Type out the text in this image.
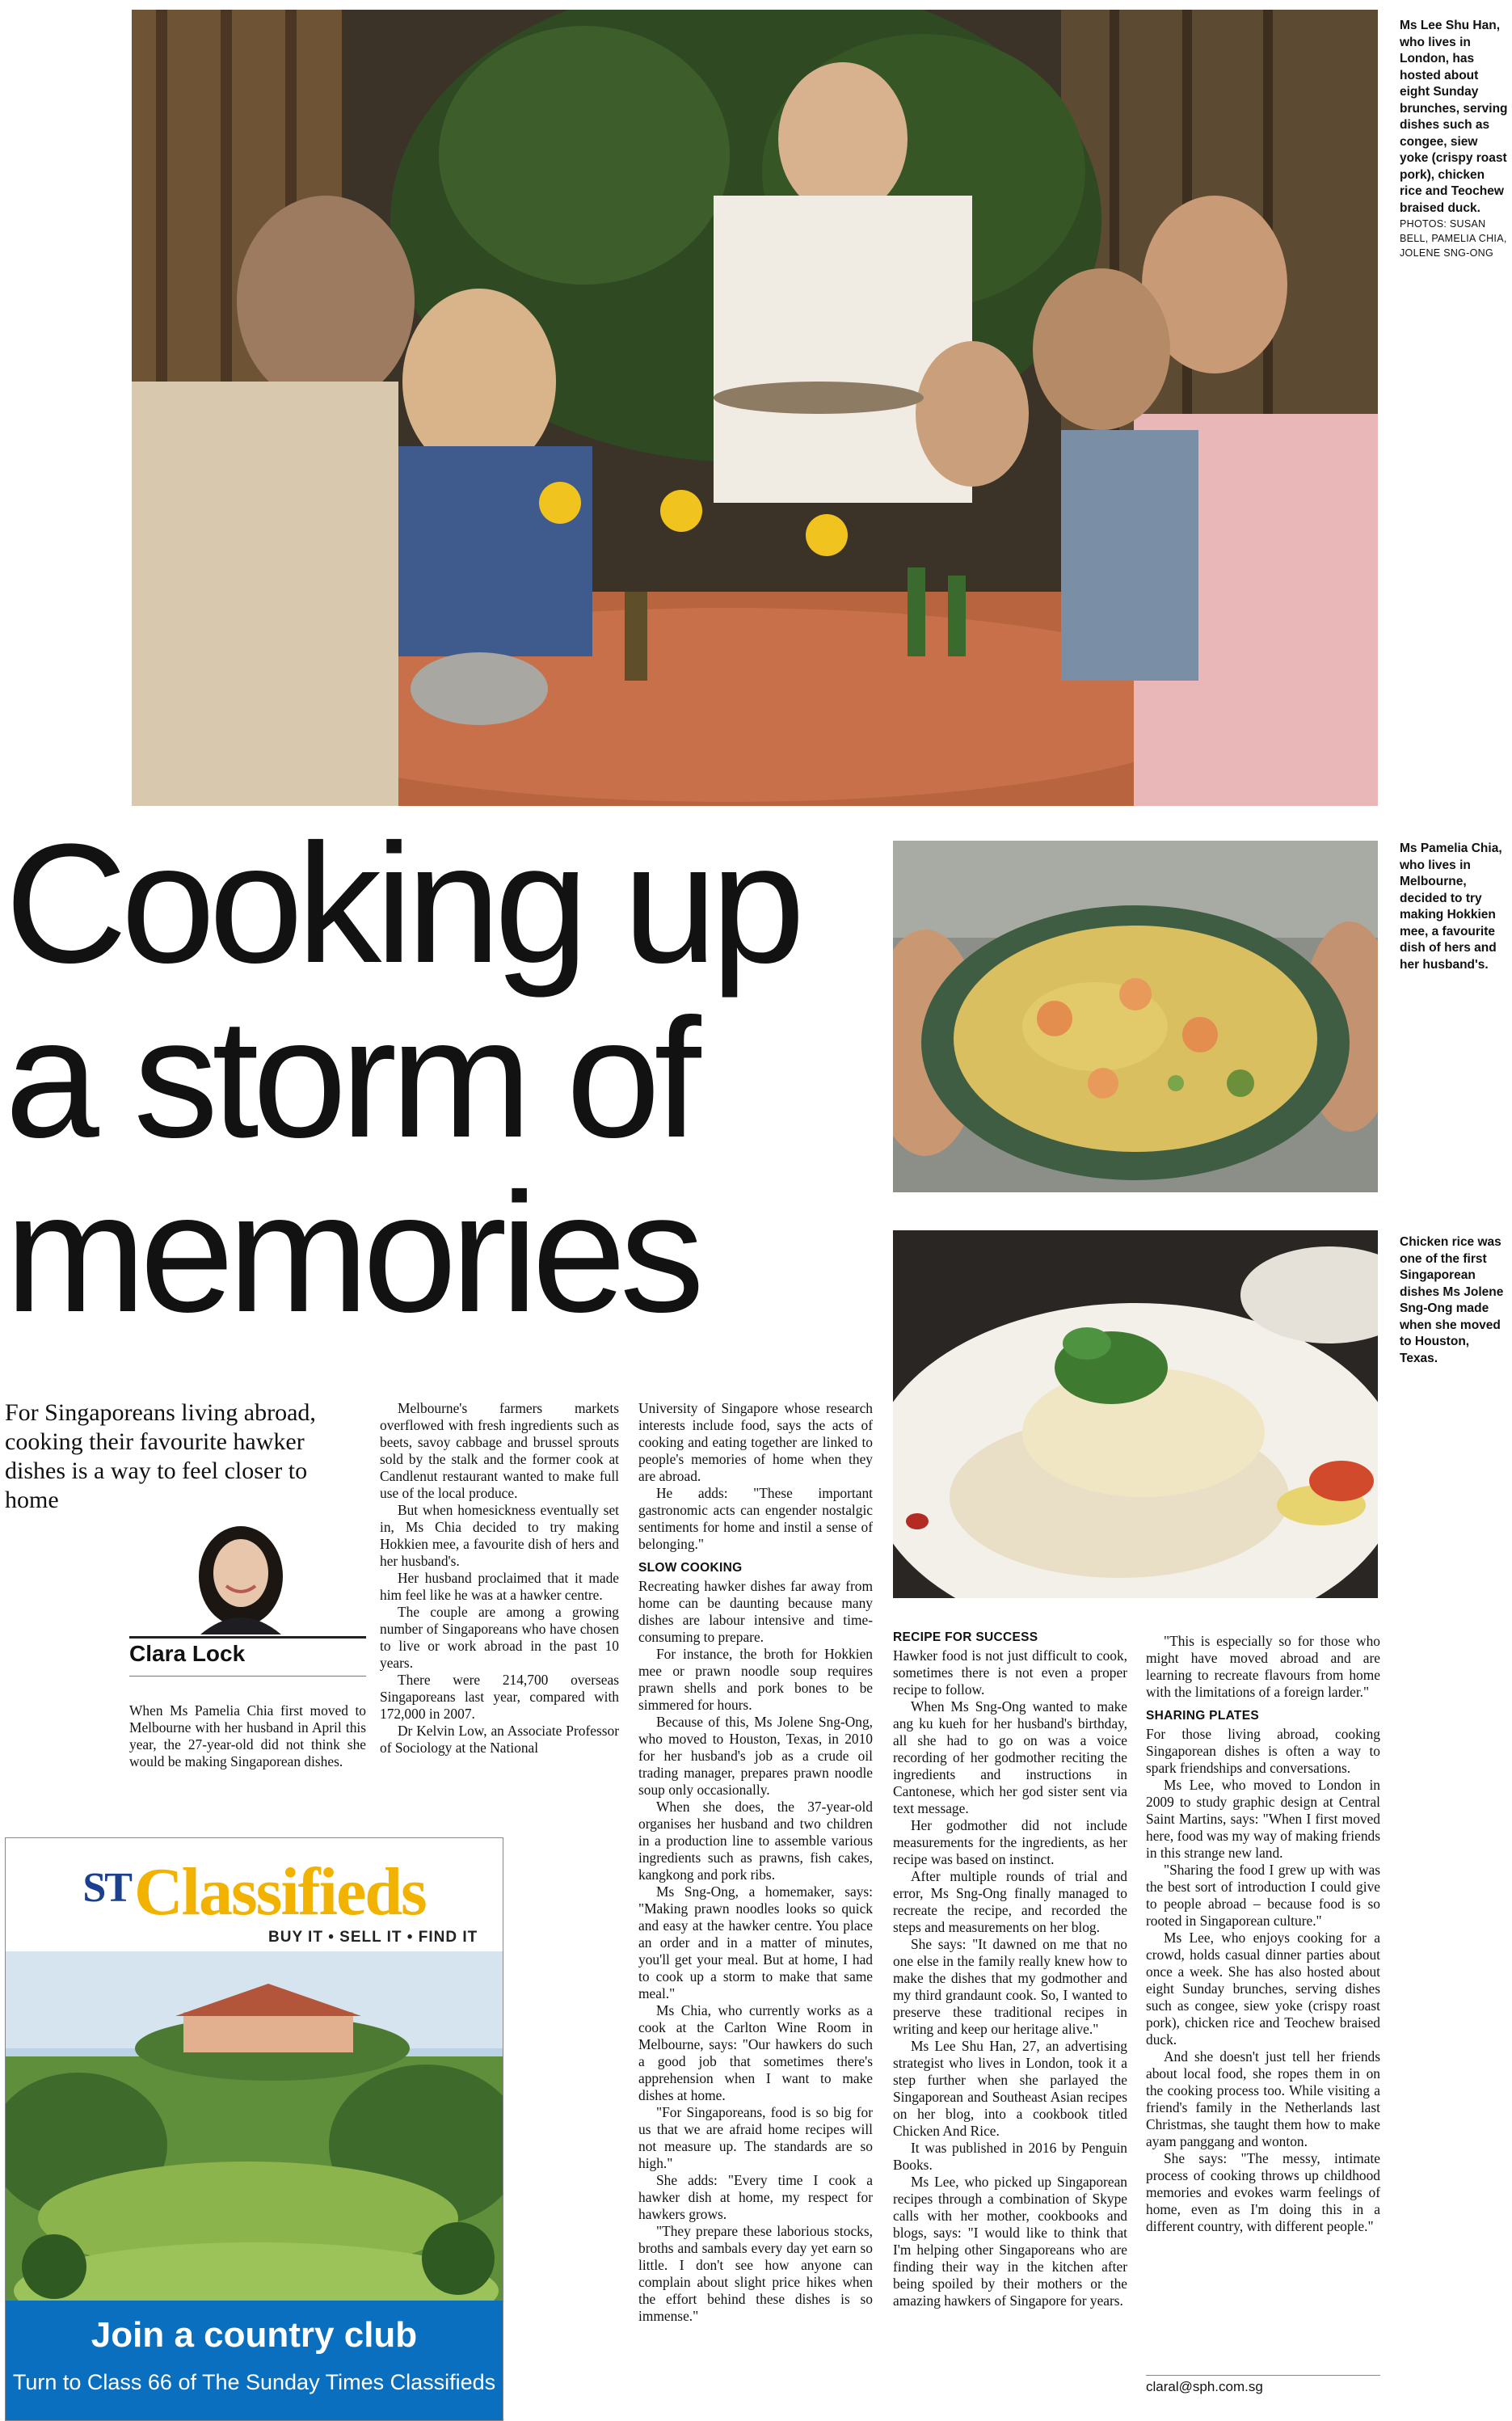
Ms Lee Shu Han, who lives in London, has hosted about eight Sunday brunches, serving dishes such as congee, siew yoke (crispy roast pork), chicken rice and Teochew braised duck.
PHOTOS: SUSAN BELL, PAMELIA CHIA, JOLENE SNG-ONG
Cooking up
a storm of
memories
Ms Pamelia Chia, who lives in Melbourne, decided to try making Hokkien mee, a favourite dish of hers and her husband's.
Chicken rice was one of the first Singaporean dishes Ms Jolene Sng-Ong made when she moved to Houston, Texas.
For Singaporeans living abroad, cooking their favourite hawker dishes is a way to feel closer to home
Clara Lock

When Ms Pamelia Chia first moved to Melbourne with her husband in April this year, the 27-year-old did not think she would be making Singaporean dishes.

Melbourne's farmers markets overflowed with fresh ingredients such as beets, savoy cabbage and brussel sprouts sold by the stalk and the former cook at Candlenut restaurant wanted to make full use of the local produce.

But when homesickness eventually set in, Ms Chia decided to try making Hokkien mee, a favourite dish of hers and her husband's.

Her husband proclaimed that it made him feel like he was at a hawker centre.

The couple are among a growing number of Singaporeans who have chosen to live or work abroad in the past 10 years.

There were 214,700 overseas Singaporeans last year, compared with 172,000 in 2007.

Dr Kelvin Low, an Associate Professor of Sociology at the National

University of Singapore whose research interests include food, says the acts of cooking and eating together are linked to people's memories of home when they are abroad.

He adds: "These important gastronomic acts can engender nostalgic sentiments for home and instil a sense of belonging."

SLOW COOKING

Recreating hawker dishes far away from home can be daunting because many dishes are labour intensive and time-consuming to prepare.

For instance, the broth for Hokkien mee or prawn noodle soup requires prawn shells and pork bones to be simmered for hours.

Because of this, Ms Jolene Sng-Ong, who moved to Houston, Texas, in 2010 for her husband's job as a crude oil trading manager, prepares prawn noodle soup only occasionally.

When she does, the 37-year-old organises her husband and two children in a production line to assemble various ingredients such as prawns, fish cakes, kangkong and pork ribs.

Ms Sng-Ong, a homemaker, says: "Making prawn noodles looks so quick and easy at the hawker centre. You place an order and in a matter of minutes, you'll get your meal. But at home, I had to cook up a storm to make that same meal."

Ms Chia, who currently works as a cook at the Carlton Wine Room in Melbourne, says: "Our hawkers do such a good job that sometimes there's apprehension when I want to make dishes at home.

"For Singaporeans, food is so big for us that we are afraid home recipes will not measure up. The standards are so high."

She adds: "Every time I cook a hawker dish at home, my respect for hawkers grows.

"They prepare these laborious stocks, broths and sambals every day yet earn so little. I don't see how anyone can complain about slight price hikes when the effort behind these dishes is so immense."

RECIPE FOR SUCCESS

Hawker food is not just difficult to cook, sometimes there is not even a proper recipe to follow.

When Ms Sng-Ong wanted to make ang ku kueh for her husband's birthday, all she had to go on was a voice recording of her godmother reciting the ingredients and instructions in Cantonese, which her god sister sent via text message.

Her godmother did not include measurements for the ingredients, as her recipe was based on instinct.

After multiple rounds of trial and error, Ms Sng-Ong finally managed to recreate the recipe, and recorded the steps and measurements on her blog.

She says: "It dawned on me that no one else in the family really knew how to make the dishes that my godmother and my third grandaunt cook. So, I wanted to preserve these traditional recipes in writing and keep our heritage alive."

Ms Lee Shu Han, 27, an advertising strategist who lives in London, took it a step further when she parlayed the Singaporean and Southeast Asian recipes on her blog, into a cookbook titled Chicken And Rice.

It was published in 2016 by Penguin Books.

Ms Lee, who picked up Singaporean recipes through a combination of Skype calls with her mother, cookbooks and blogs, says: "I would like to think that I'm helping other Singaporeans who are finding their way in the kitchen after being spoiled by their mothers or the amazing hawkers of Singapore for years.

"This is especially so for those who might have moved abroad and are learning to recreate flavours from home with the limitations of a foreign larder."

SHARING PLATES

For those living abroad, cooking Singaporean dishes is often a way to spark friendships and conversations.

Ms Lee, who moved to London in 2009 to study graphic design at Central Saint Martins, says: "When I first moved here, food was my way of making friends in this strange new land.

"Sharing the food I grew up with was the best sort of introduction I could give to people abroad – because food is so rooted in Singaporean culture."

Ms Lee, who enjoys cooking for a crowd, holds casual dinner parties about once a week. She has also hosted about eight Sunday brunches, serving dishes such as congee, siew yoke (crispy roast pork), chicken rice and Teochew braised duck.

And she doesn't just tell her friends about local food, she ropes them in on the cooking process too. While visiting a friend's family in the Netherlands last Christmas, she taught them how to make ayam panggang and wonton.

She says: "The messy, intimate process of cooking throws up childhood memories and evokes warm feelings of home, even as I'm doing this in a different country, with different people."

claral@sph.com.sg
STClassifieds
BUY IT • SELL IT • FIND IT
Join a country club
Turn to Class 66 of The Sunday Times Classifieds
